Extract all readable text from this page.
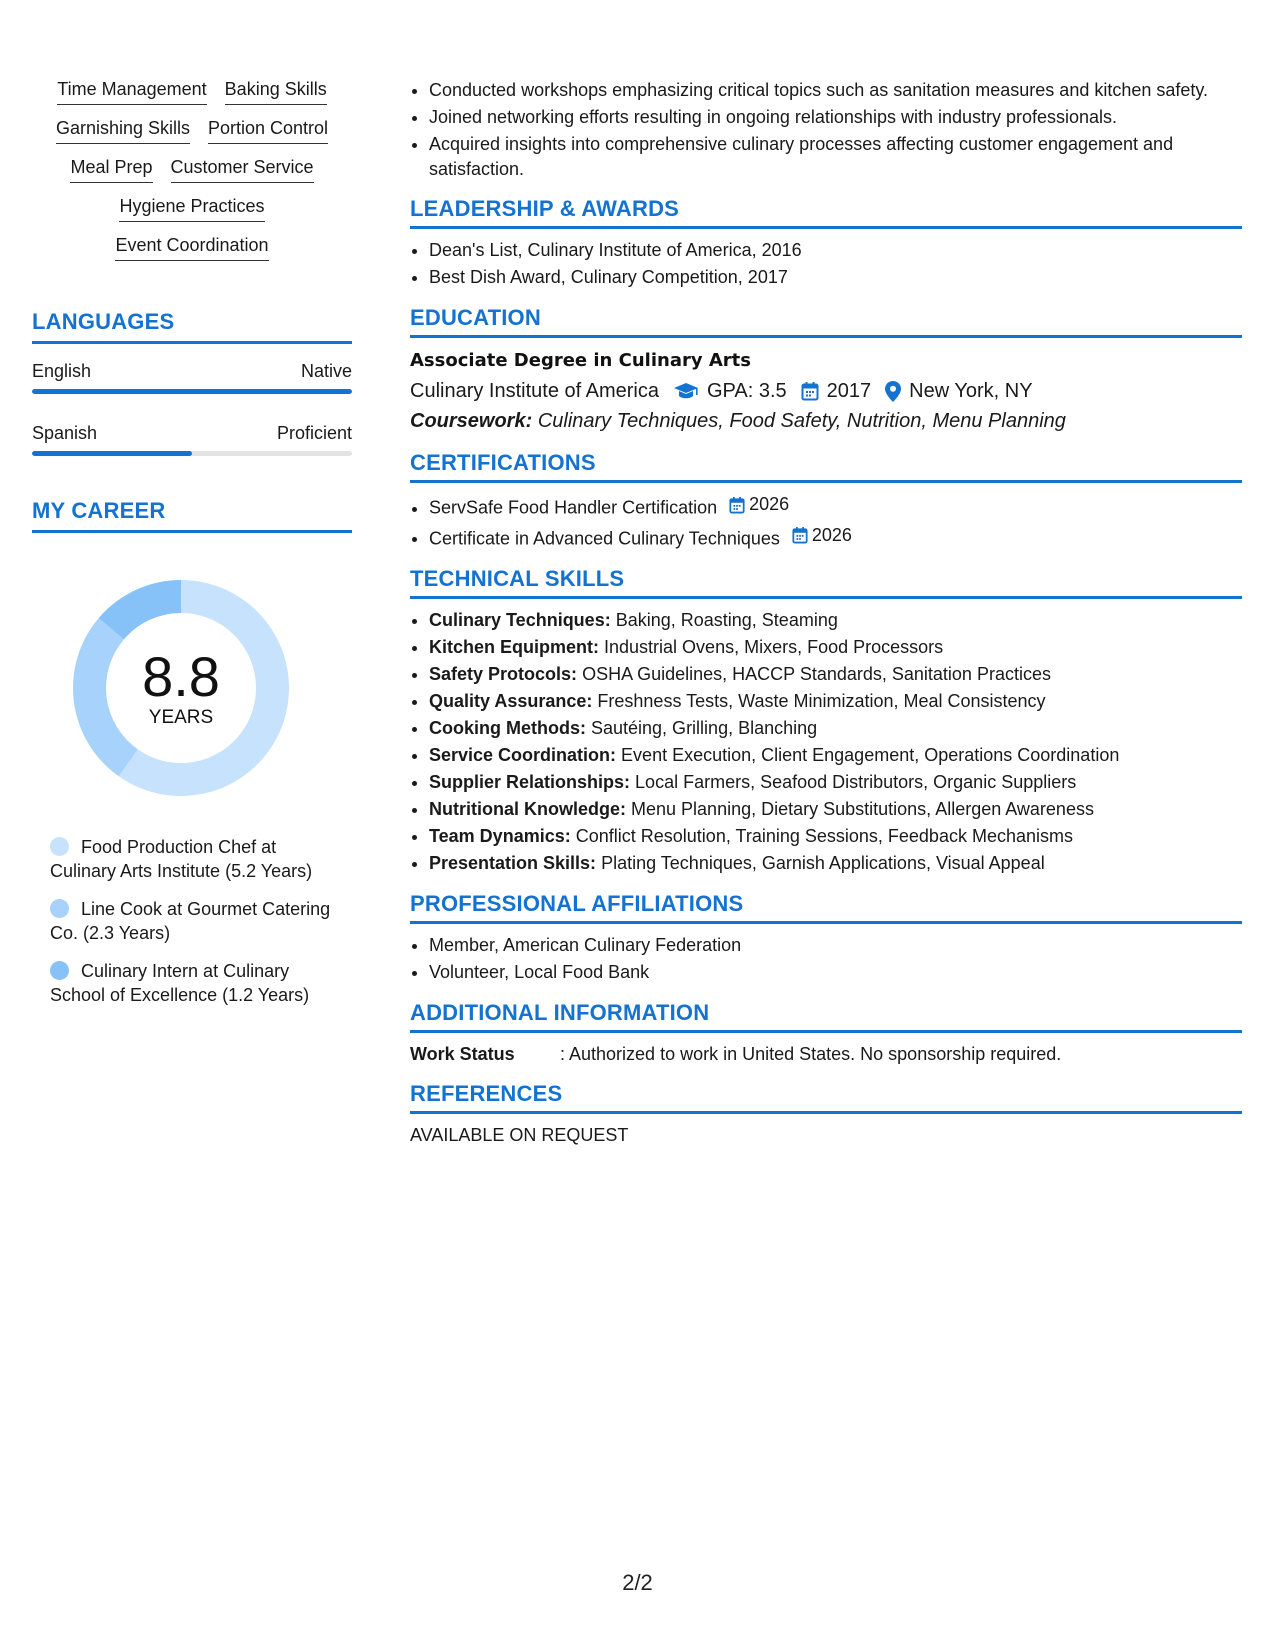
Time Management Baking Skills
Garnishing Skills Portion Control
Meal Prep Customer Service
Hygiene Practices
Event Coordination
LANGUAGES
English	Native
Spanish	Proficient
MY CAREER
8.8
YEARS
Food Production Chef at Culinary Arts Institute (5.2 Years)
Line Cook at Gourmet Catering Co. (2.3 Years)
Culinary Intern at Culinary School of Excellence (1.2 Years)
• Conducted workshops emphasizing critical topics such as sanitation measures and kitchen safety.
• Joined networking efforts resulting in ongoing relationships with industry professionals.
• Acquired insights into comprehensive culinary processes affecting customer engagement and satisfaction.
LEADERSHIP & AWARDS
• Dean's List, Culinary Institute of America, 2016
• Best Dish Award, Culinary Competition, 2017
EDUCATION
Associate Degree in Culinary Arts
Culinary Institute of America GPA: 3.5 2017 New York, NY
Coursework: Culinary Techniques, Food Safety, Nutrition, Menu Planning
CERTIFICATIONS
• ServSafe Food Handler Certification 2026
• Certificate in Advanced Culinary Techniques 2026
TECHNICAL SKILLS
• Culinary Techniques: Baking, Roasting, Steaming
• Kitchen Equipment: Industrial Ovens, Mixers, Food Processors
• Safety Protocols: OSHA Guidelines, HACCP Standards, Sanitation Practices
• Quality Assurance: Freshness Tests, Waste Minimization, Meal Consistency
• Cooking Methods: Sautéing, Grilling, Blanching
• Service Coordination: Event Execution, Client Engagement, Operations Coordination
• Supplier Relationships: Local Farmers, Seafood Distributors, Organic Suppliers
• Nutritional Knowledge: Menu Planning, Dietary Substitutions, Allergen Awareness
• Team Dynamics: Conflict Resolution, Training Sessions, Feedback Mechanisms
• Presentation Skills: Plating Techniques, Garnish Applications, Visual Appeal
PROFESSIONAL AFFILIATIONS
• Member, American Culinary Federation
• Volunteer, Local Food Bank
ADDITIONAL INFORMATION
Work Status	: Authorized to work in United States. No sponsorship required.
REFERENCES
AVAILABLE ON REQUEST
2/2
